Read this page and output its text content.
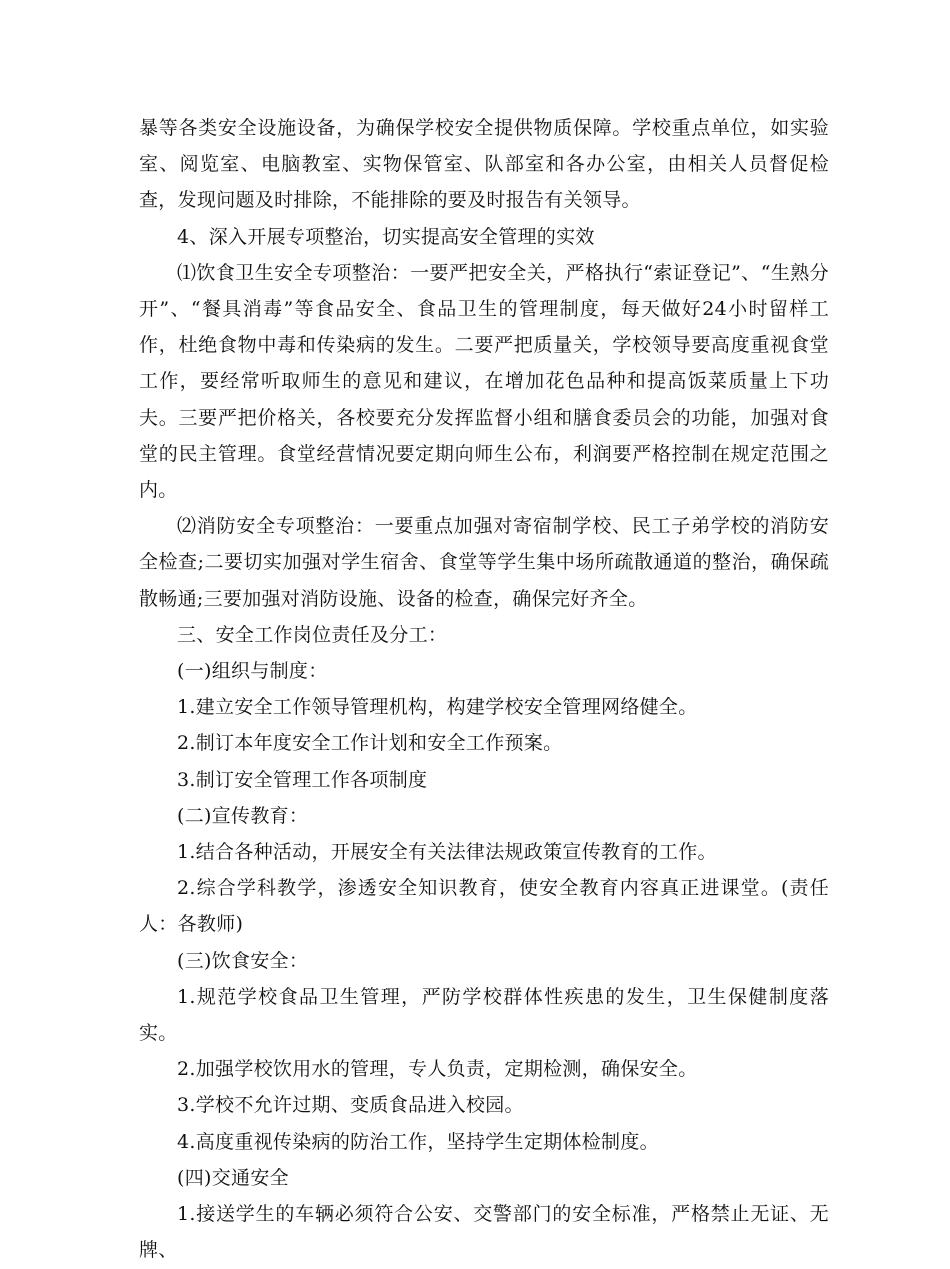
暴等各类安全设施设备，为确保学校安全提供物质保障。学校重点单位，如实验室、阅览室、电脑教室、实物保管室、队部室和各办公室，由相关人员督促检查，发现问题及时排除，不能排除的要及时报告有关领导。

4、深入开展专项整治，切实提高安全管理的实效

⑴饮食卫生安全专项整治：一要严把安全关，严格执行“索证登记”、“生熟分开”、“餐具消毒”等食品安全、食品卫生的管理制度，每天做好24小时留样工作，杜绝食物中毒和传染病的发生。二要严把质量关，学校领导要高度重视食堂工作，要经常听取师生的意见和建议，在增加花色品种和提高饭菜质量上下功夫。三要严把价格关，各校要充分发挥监督小组和膳食委员会的功能，加强对食堂的民主管理。食堂经营情况要定期向师生公布，利润要严格控制在规定范围之内。

⑵消防安全专项整治：一要重点加强对寄宿制学校、民工子弟学校的消防安全检查;二要切实加强对学生宿舍、食堂等学生集中场所疏散通道的整治，确保疏散畅通;三要加强对消防设施、设备的检查，确保完好齐全。

三、安全工作岗位责任及分工：

(一)组织与制度：

1.建立安全工作领导管理机构，构建学校安全管理网络健全。

2.制订本年度安全工作计划和安全工作预案。

3.制订安全管理工作各项制度

(二)宣传教育：

1.结合各种活动，开展安全有关法律法规政策宣传教育的工作。

2.综合学科教学，渗透安全知识教育，使安全教育内容真正进课堂。(责任人：各教师)

(三)饮食安全：

1.规范学校食品卫生管理，严防学校群体性疾患的发生，卫生保健制度落实。

2.加强学校饮用水的管理，专人负责，定期检测，确保安全。

3.学校不允许过期、变质食品进入校园。

4.高度重视传染病的防治工作，坚持学生定期体检制度。

(四)交通安全

1.接送学生的车辆必须符合公安、交警部门的安全标准，严格禁止无证、无牌、
